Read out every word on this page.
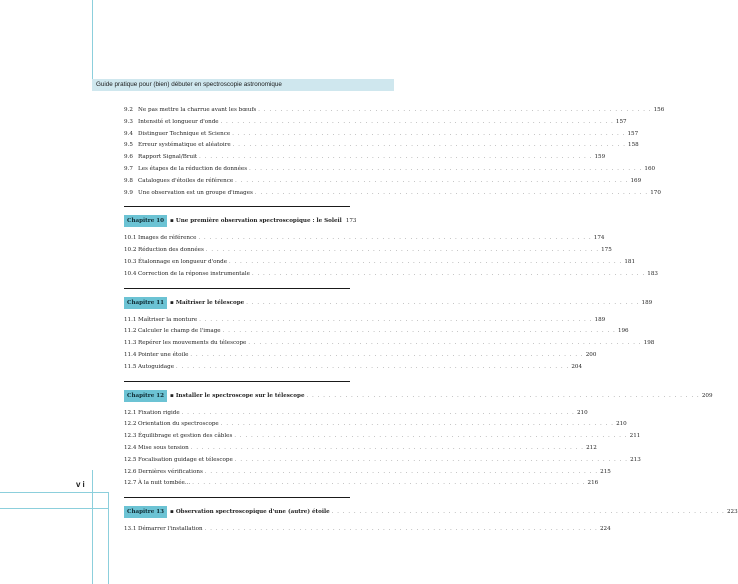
Guide pratique pour (bien) débuter en spectroscopie astronomique
9.2 Ne pas mettre la charrue avant les bœufs . . . . . . . . . . . . . . . . . . . . . . . . . . . . . . . . . . . . . . . . . . . . . . . . . . . . . . . . . . . . . . . . . . . . . . . 156
9.3 Intensité et longueur d'onde . . . . . . . . . . . . . . . . . . . . . . . . . . . . . . . . . . . . . . . . . . . . . . . . . . . . . . . . . . . . . . . . . . . . . . . 157
9.4 Distinguer Technique et Science . . . . . . . . . . . . . . . . . . . . . . . . . . . . . . . . . . . . . . . . . . . . . . . . . . . . . . . . . . . . . . . . . . . . . . . 157
9.5 Erreur systématique et aléatoire . . . . . . . . . . . . . . . . . . . . . . . . . . . . . . . . . . . . . . . . . . . . . . . . . . . . . . . . . . . . . . . . . . . . . . . 158
9.6 Rapport Signal/Bruit . . . . . . . . . . . . . . . . . . . . . . . . . . . . . . . . . . . . . . . . . . . . . . . . . . . . . . . . . . . . . . . . . . . . . . . 159
9.7 Les étapes de la réduction de données . . . . . . . . . . . . . . . . . . . . . . . . . . . . . . . . . . . . . . . . . . . . . . . . . . . . . . . . . . . . . . . . . . . . . . . 160
9.8 Catalogues d'étoiles de référence . . . . . . . . . . . . . . . . . . . . . . . . . . . . . . . . . . . . . . . . . . . . . . . . . . . . . . . . . . . . . . . . . . . . . . . 169
9.9 Une observation est un groupe d'images . . . . . . . . . . . . . . . . . . . . . . . . . . . . . . . . . . . . . . . . . . . . . . . . . . . . . . . . . . . . . . . . . . . . . . . 170
Chapitre 10	▪ Une première observation spectroscopique : le Soleil 173
10.1 Images de référence . . . . . . . . . . . . . . . . . . . . . . . . . . . . . . . . . . . . . . . . . . . . . . . . . . . . . . . . . . . . . . . . . . . . . . . 174
10.2 Réduction des données . . . . . . . . . . . . . . . . . . . . . . . . . . . . . . . . . . . . . . . . . . . . . . . . . . . . . . . . . . . . . . . . . . . . . . . 175
10.3 Étalonnage en longueur d'onde . . . . . . . . . . . . . . . . . . . . . . . . . . . . . . . . . . . . . . . . . . . . . . . . . . . . . . . . . . . . . . . . . . . . . . . 181
10.4 Correction de la réponse instrumentale . . . . . . . . . . . . . . . . . . . . . . . . . . . . . . . . . . . . . . . . . . . . . . . . . . . . . . . . . . . . . . . . . . . . . . . 183
Chapitre 11	▪ Maîtriser le télescope . . . . . . . . . . . . . . . . . . . . . . . . . . . . . . . . . . . . . . . . . . . . . . . . . . . . . . . . . . . . . . . . . . . . . . . 189
11.1 Maîtriser la monture . . . . . . . . . . . . . . . . . . . . . . . . . . . . . . . . . . . . . . . . . . . . . . . . . . . . . . . . . . . . . . . . . . . . . . . 189
11.2 Calculer le champ de l'image . . . . . . . . . . . . . . . . . . . . . . . . . . . . . . . . . . . . . . . . . . . . . . . . . . . . . . . . . . . . . . . . . . . . . . . 196
11.3 Repérer les mouvements du télescope . . . . . . . . . . . . . . . . . . . . . . . . . . . . . . . . . . . . . . . . . . . . . . . . . . . . . . . . . . . . . . . . . . . . . . . 198
11.4 Pointer une étoile . . . . . . . . . . . . . . . . . . . . . . . . . . . . . . . . . . . . . . . . . . . . . . . . . . . . . . . . . . . . . . . . . . . . . . . 200
11.5 Autoguidage . . . . . . . . . . . . . . . . . . . . . . . . . . . . . . . . . . . . . . . . . . . . . . . . . . . . . . . . . . . . . . . . . . . . . . . 204
Chapitre 12	▪ Installer le spectroscope sur le télescope . . . . . . . . . . . . . . . . . . . . . . . . . . . . . . . . . . . . . . . . . . . . . . . . . . . . . . . . . . . . . . . . . . . . . . . 209
12.1 Fixation rigide . . . . . . . . . . . . . . . . . . . . . . . . . . . . . . . . . . . . . . . . . . . . . . . . . . . . . . . . . . . . . . . . . . . . . . . 210
12.2 Orientation du spectroscope . . . . . . . . . . . . . . . . . . . . . . . . . . . . . . . . . . . . . . . . . . . . . . . . . . . . . . . . . . . . . . . . . . . . . . . 210
12.3 Équilibrage et gestion des câbles . . . . . . . . . . . . . . . . . . . . . . . . . . . . . . . . . . . . . . . . . . . . . . . . . . . . . . . . . . . . . . . . . . . . . . . 211
12.4 Mise sous tension . . . . . . . . . . . . . . . . . . . . . . . . . . . . . . . . . . . . . . . . . . . . . . . . . . . . . . . . . . . . . . . . . . . . . . . 212
12.5 Focalisation guidage et télescope . . . . . . . . . . . . . . . . . . . . . . . . . . . . . . . . . . . . . . . . . . . . . . . . . . . . . . . . . . . . . . . . . . . . . . . 213
12.6 Dernières vérifications . . . . . . . . . . . . . . . . . . . . . . . . . . . . . . . . . . . . . . . . . . . . . . . . . . . . . . . . . . . . . . . . . . . . . . . 215
12.7 À la nuit tombée... . . . . . . . . . . . . . . . . . . . . . . . . . . . . . . . . . . . . . . . . . . . . . . . . . . . . . . . . . . . . . . . . . . . . . . . 216
Chapitre 13	▪ Observation spectroscopique d'une (autre) étoile . . . . . . . . . . . . . . . . . . . . . . . . . . . . . . . . . . . . . . . . . . . . . . . . . . . . . . . . . . . . . . . . . . . . . . . 223
13.1 Démarrer l'installation . . . . . . . . . . . . . . . . . . . . . . . . . . . . . . . . . . . . . . . . . . . . . . . . . . . . . . . . . . . . . . . . . . . . . . . 224
vi
